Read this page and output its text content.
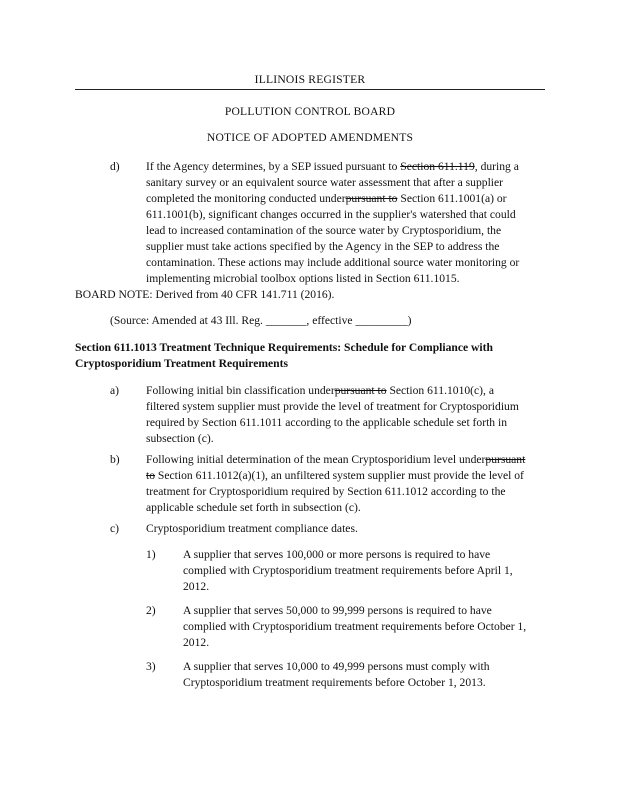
ILLINOIS REGISTER
POLLUTION CONTROL BOARD
NOTICE OF ADOPTED AMENDMENTS
d) If the Agency determines, by a SEP issued pursuant to Section 611.119, during a
sanitary survey or an equivalent source water assessment that after a supplier
completed the monitoring conducted underpursuant to Section 611.1001(a) or
611.1001(b), significant changes occurred in the supplier's watershed that could
lead to increased contamination of the source water by Cryptosporidium, the
supplier must take actions specified by the Agency in the SEP to address the
contamination. These actions may include additional source water monitoring or
implementing microbial toolbox options listed in Section 611.1015.
BOARD NOTE: Derived from 40 CFR 141.711 (2016).
(Source: Amended at 43 Ill. Reg. _______, effective _________)
Section 611.1013 Treatment Technique Requirements: Schedule for Compliance with
Cryptosporidium Treatment Requirements
a) Following initial bin classification underpursuant to Section 611.1010(c), a
filtered system supplier must provide the level of treatment for Cryptosporidium
required by Section 611.1011 according to the applicable schedule set forth in
subsection (c).
b) Following initial determination of the mean Cryptosporidium level underpursuant
to Section 611.1012(a)(1), an unfiltered system supplier must provide the level of
treatment for Cryptosporidium required by Section 611.1012 according to the
applicable schedule set forth in subsection (c).
c) Cryptosporidium treatment compliance dates.
1) A supplier that serves 100,000 or more persons is required to have
complied with Cryptosporidium treatment requirements before April 1,
2012.
2) A supplier that serves 50,000 to 99,999 persons is required to have
complied with Cryptosporidium treatment requirements before October 1,
2012.
3) A supplier that serves 10,000 to 49,999 persons must comply with
Cryptosporidium treatment requirements before October 1, 2013.
